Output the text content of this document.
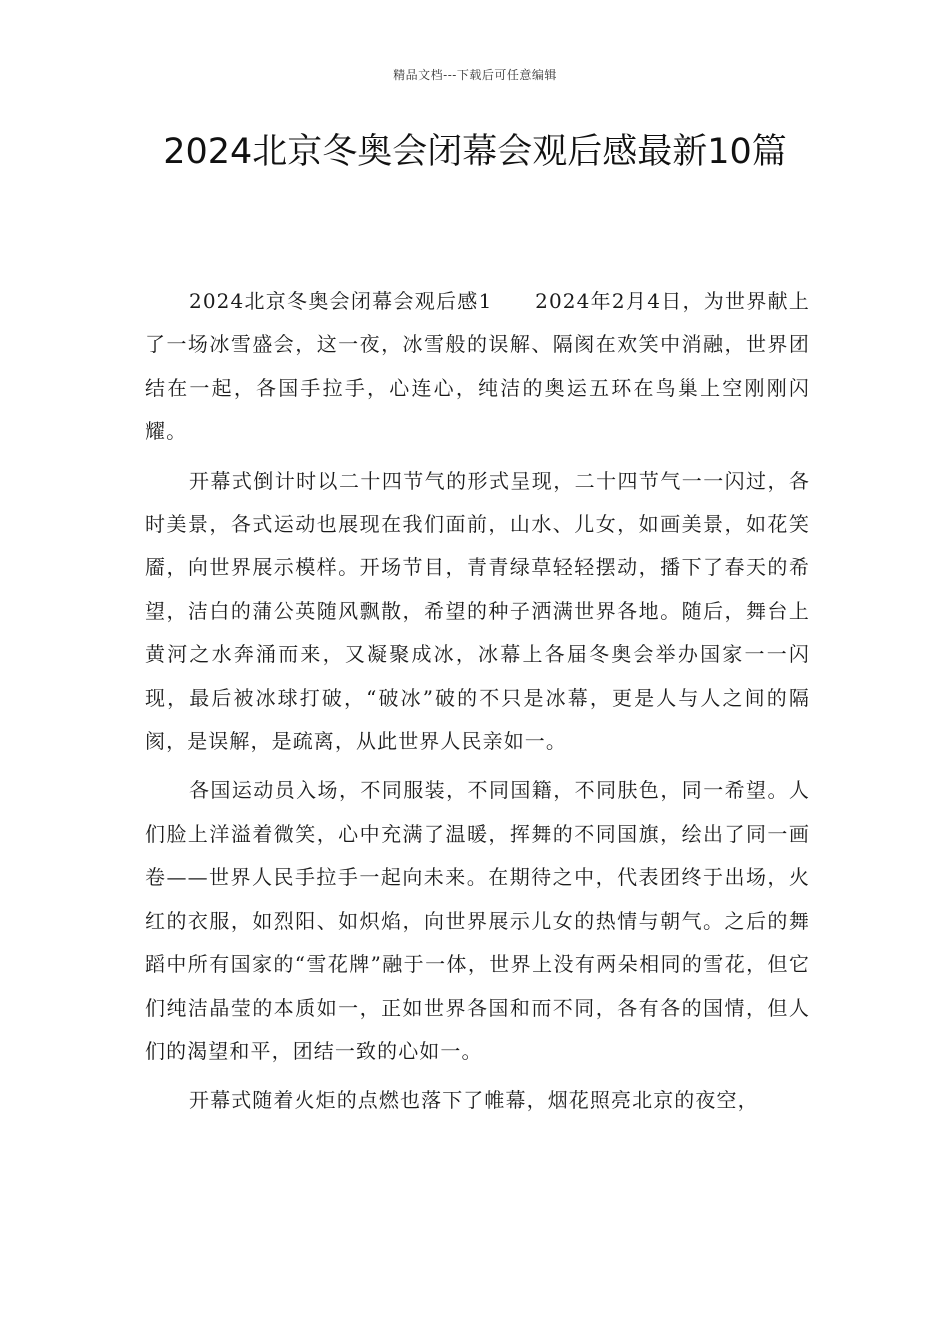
精品文档---下载后可任意编辑
2024北京冬奥会闭幕会观后感最新10篇

2024北京冬奥会闭幕会观后感1　　2024年2月4日，为世界献上了一场冰雪盛会，这一夜，冰雪般的误解、隔阂在欢笑中消融，世界团结在一起，各国手拉手，心连心，纯洁的奥运五环在鸟巢上空刚刚闪耀。

开幕式倒计时以二十四节气的形式呈现，二十四节气一一闪过，各时美景，各式运动也展现在我们面前，山水、儿女，如画美景，如花笑靥，向世界展示模样。开场节目，青青绿草轻轻摆动，播下了春天的希望，洁白的蒲公英随风飘散，希望的种子洒满世界各地。随后，舞台上黄河之水奔涌而来，又凝聚成冰，冰幕上各届冬奥会举办国家一一闪现，最后被冰球打破，“破冰”破的不只是冰幕，更是人与人之间的隔阂，是误解，是疏离，从此世界人民亲如一。

各国运动员入场，不同服装，不同国籍，不同肤色，同一希望。人们脸上洋溢着微笑，心中充满了温暖，挥舞的不同国旗，绘出了同一画卷——世界人民手拉手一起向未来。在期待之中，代表团终于出场，火红的衣服，如烈阳、如炽焰，向世界展示儿女的热情与朝气。之后的舞蹈中所有国家的“雪花牌”融于一体，世界上没有两朵相同的雪花，但它们纯洁晶莹的本质如一，正如世界各国和而不同，各有各的国情，但人们的渴望和平，团结一致的心如一。

开幕式随着火炬的点燃也落下了帷幕，烟花照亮北京的夜空，
